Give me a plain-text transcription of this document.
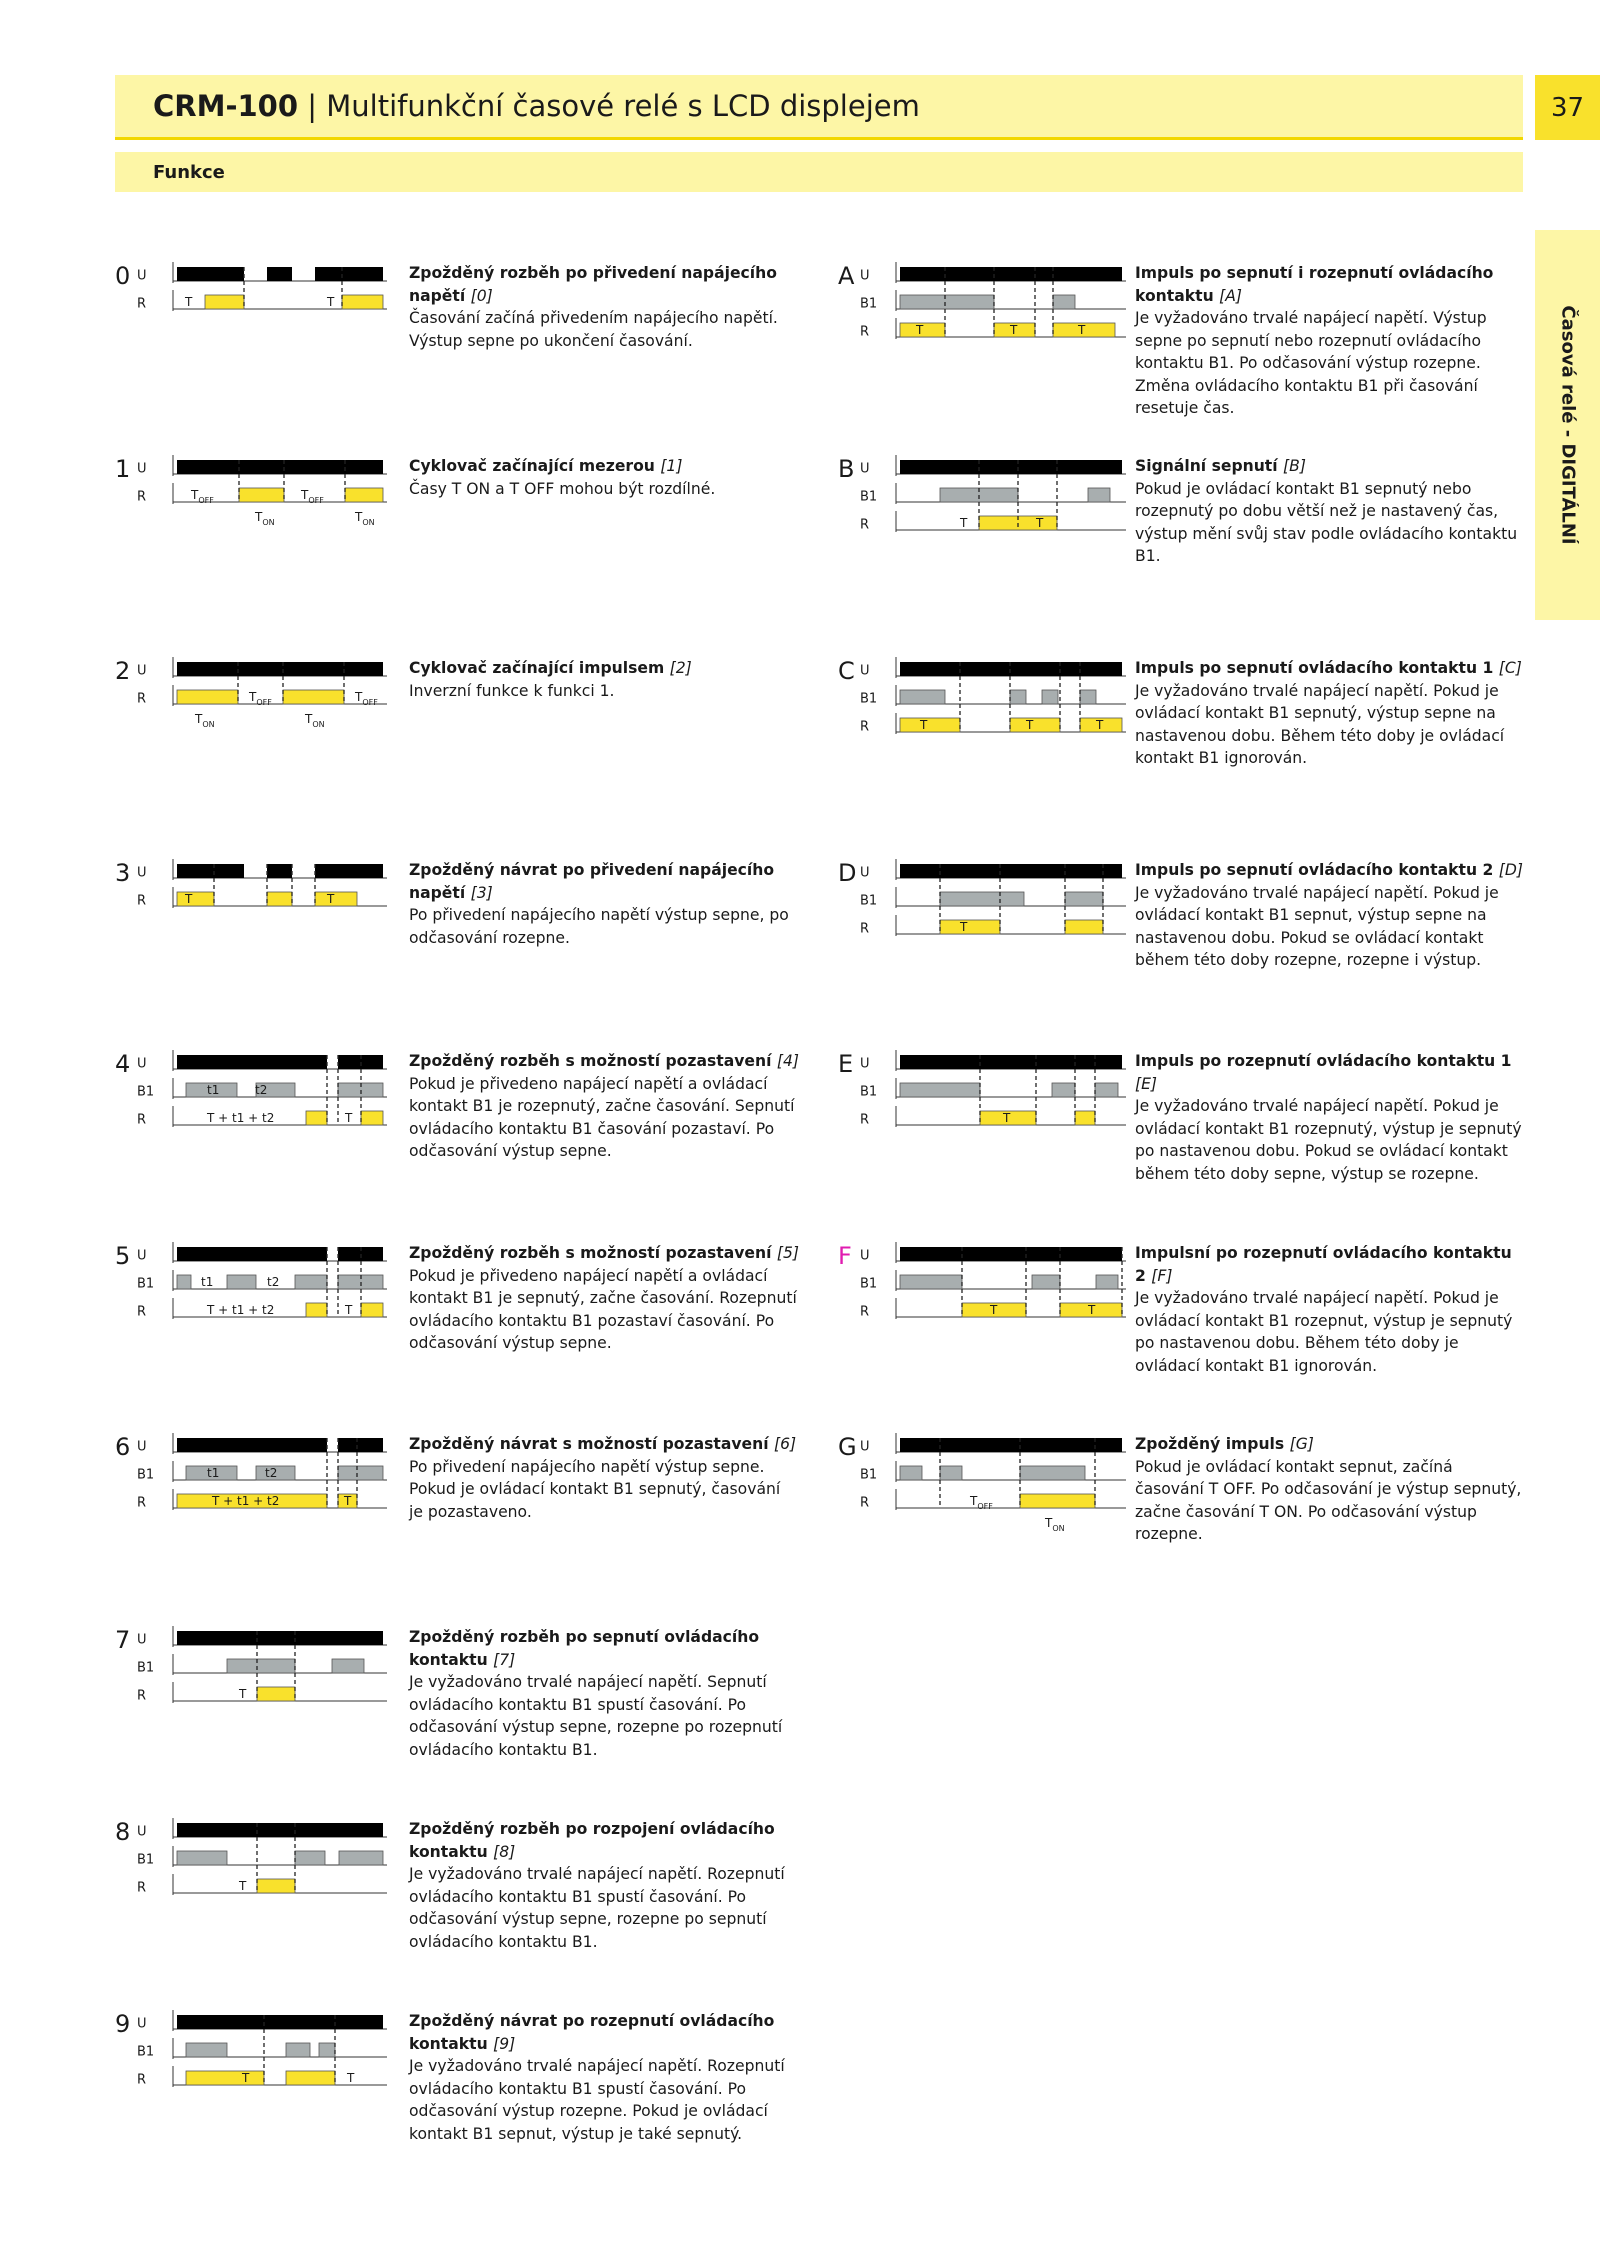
CRM-100 | Multifunkční časové relé s LCD displejem	37
Funkce
Časová relé - DIGITÁLNÍ
0 U
R	T	T
Zpožděný rozběh po přivedení napájecího napětí [0]
Časování začíná přivedením napájecího napětí. Výstup sepne po ukončení časování.
1 U
R	$T_{OFF}$	$T_{OFF}$
$T_{ON}$	$T_{ON}$
Cyklovač začínající mezerou [1]
Časy T ON a T OFF mohou být rozdílné.
2 U
R	$T_{OFF}$	$T_{OFF}$
$T_{ON}$	$T_{ON}$
Cyklovač začínající impulsem [2]
Inverzní funkce k funkci 1.
3 U
R	T	T
Zpožděný návrat po přivedení napájecího napětí [3]
Po přivedení napájecího napětí výstup sepne, po odčasování rozepne.
4 U
B1
R
t1	t2
T + t1 + t2	T
Zpožděný rozběh s možností pozastavení [4]
Pokud je přivedeno napájecí napětí a ovládací kontakt B1 je rozepnutý, začne časování. Sepnutí ovládacího kontaktu B1 časování pozastaví. Po odčasování výstup sepne.
5 U
B1
R
t1	t2
T + t1 + t2	T
Zpožděný rozběh s možností pozastavení [5]
Pokud je přivedeno napájecí napětí a ovládací kontakt B1 je sepnutý, začne časování. Rozepnutí ovládacího kontaktu B1 pozastaví časování. Po odčasování výstup sepne.
6 U
B1
R
t1	t2
T + t1 + t2	T
Zpožděný návrat s možností pozastavení [6]
Po přivedení napájecího napětí výstup sepne. Pokud je ovládací kontakt B1 sepnutý, časování je pozastaveno.
7 U
B1
R	T
Zpožděný rozběh po sepnutí ovládacího kontaktu [7]
Je vyžadováno trvalé napájecí napětí. Sepnutí ovládacího kontaktu B1 spustí časování. Po odčasování výstup sepne, rozepne po rozepnutí ovládacího kontaktu B1.
8 U
B1
R	T
Zpožděný rozběh po rozpojení ovládacího kontaktu [8]
Je vyžadováno trvalé napájecí napětí. Rozepnutí ovládacího kontaktu B1 spustí časování. Po odčasování výstup sepne, rozepne po sepnutí ovládacího kontaktu B1.
9 U
B1
R	T	T
Zpožděný návrat po rozepnutí ovládacího kontaktu [9]
Je vyžadováno trvalé napájecí napětí. Rozepnutí ovládacího kontaktu B1 spustí časování. Po odčasování výstup rozepne. Pokud je ovládací kontakt B1 sepnut, výstup je také sepnutý.
A U
B1
R	T	T	T
Impuls po sepnutí i rozepnutí ovládacího kontaktu [A]
Je vyžadováno trvalé napájecí napětí. Výstup sepne po sepnutí nebo rozepnutí ovládacího kontaktu B1. Po odčasování výstup rozepne. Změna ovládacího kontaktu B1 při časování resetuje čas.
B U
B1
R	T	T
Signální sepnutí [B]
Pokud je ovládací kontakt B1 sepnutý nebo rozepnutý po dobu větší než je nastavený čas, výstup mění svůj stav podle ovládacího kontaktu B1.
C U
B1
R	T	T	T
Impuls po sepnutí ovládacího kontaktu 1 [C]
Je vyžadováno trvalé napájecí napětí. Pokud je ovládací kontakt B1 sepnutý, výstup sepne na nastavenou dobu. Během této doby je ovládací kontakt B1 ignorován.
D U
B1
R	T
Impuls po sepnutí ovládacího kontaktu 2 [D]
Je vyžadováno trvalé napájecí napětí. Pokud je ovládací kontakt B1 sepnut, výstup sepne na nastavenou dobu. Pokud se ovládací kontakt během této doby rozepne, rozepne i výstup.
E U
B1
R	T
Impuls po rozepnutí ovládacího kontaktu 1 [E]
Je vyžadováno trvalé napájecí napětí. Pokud je ovládací kontakt B1 rozepnutý, výstup je sepnutý po nastavenou dobu. Pokud se ovládací kontakt během této doby sepne, výstup se rozepne.
F U
B1
R	T	T
Impulsní po rozepnutí ovládacího kontaktu 2 [F]
Je vyžadováno trvalé napájecí napětí. Pokud je ovládací kontakt B1 rozepnut, výstup je sepnutý po nastavenou dobu. Během této doby je ovládací kontakt B1 ignorován.
G U
B1
R	$T_{OFF}$
$T_{ON}$
Zpožděný impuls [G]
Pokud je ovládací kontakt sepnut, začíná časování T OFF. Po odčasování je výstup sepnutý, začne časování T ON. Po odčasování výstup rozepne.
